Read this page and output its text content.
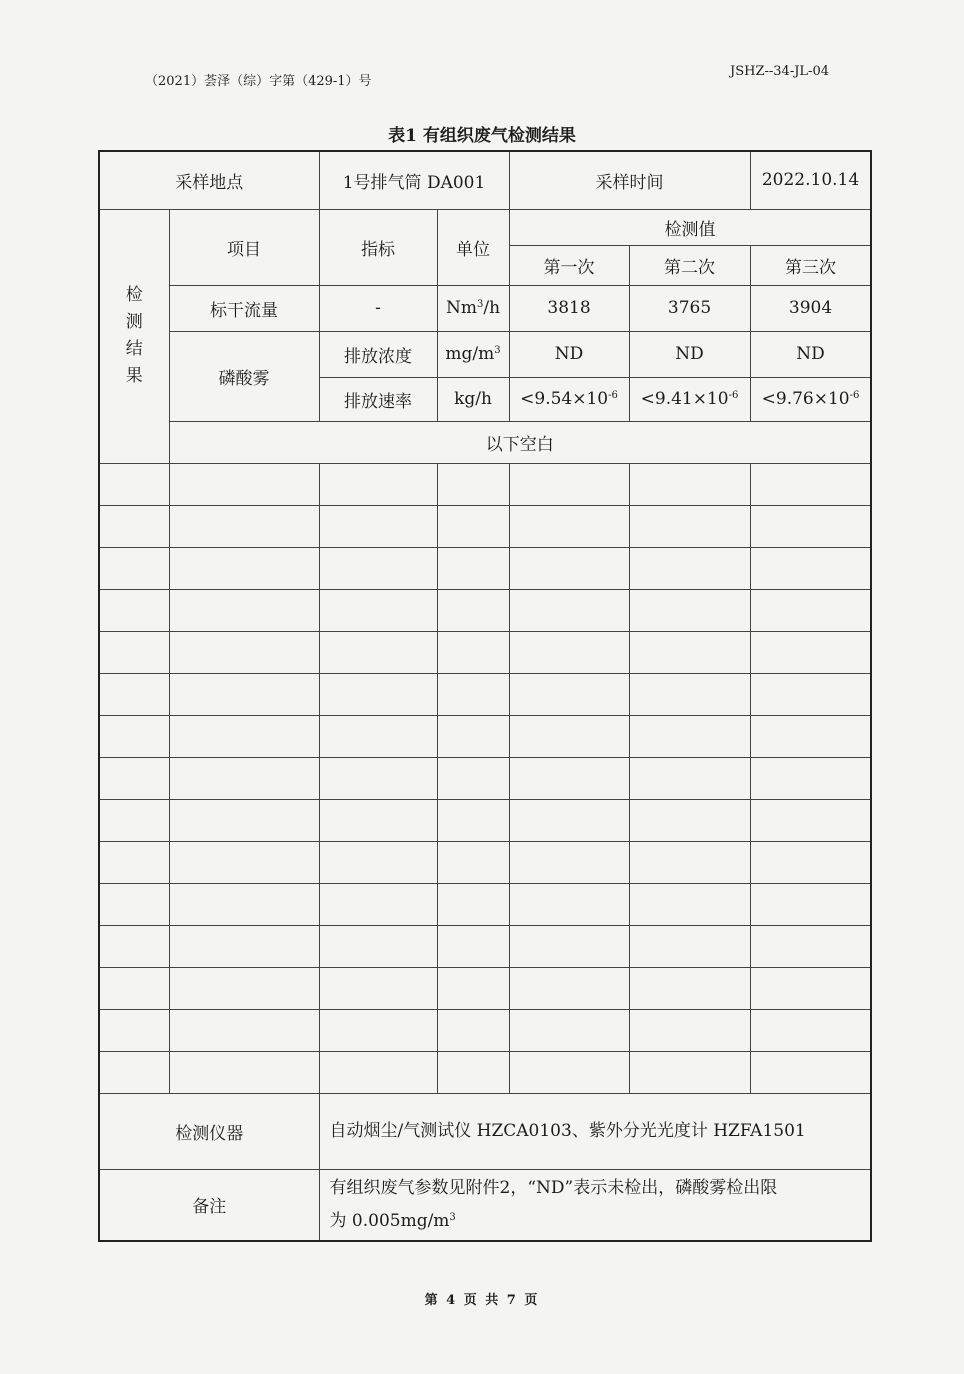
（2021）荟泽（综）字第（429-1）号
JSHZ--34-JL-04
表1 有组织废气检测结果
采样地点		1号排气筒 DA001		采样时间		2022.10.14

检
测
结
果	项目	指标	单位	检测值		
				第一次	第二次	第三次
	标干流量	-	Nm$^3$/h	3818	3765	3904
	磷酸雾	排放浓度	$mg/m^3$	ND	ND	ND
		排放速率	kg/h	$<9.54\times 10^{-6}$	$<9.41\times 10^{-6}$	$<9.76\times 10^{-6}$
	以下空白					

检测仪器		自动烟尘/气测试仪 HZCA0103、紫外分光光度计 HZFA1501				
备注		有组织废气参数见附件2，“ND”表示未检出，磷酸雾检出限
为 $0.005mg/m^3$
第 4 页 共 7 页
